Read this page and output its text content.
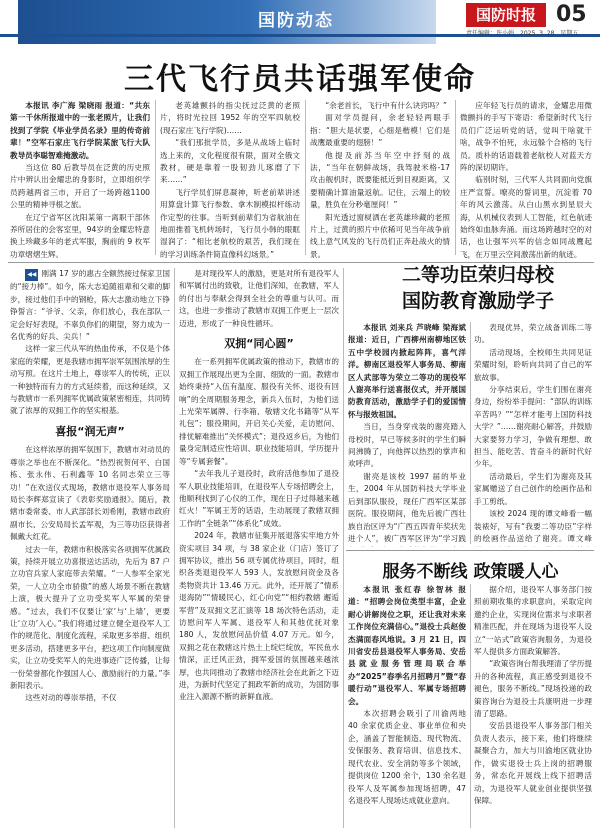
国防动态	国防时报 05
责任编辑：许小娟　2025. 3. 28　星期五
三代飞行员共话强军使命

本报讯 李广海 梁晓雨 报道：“共东第一千休所报道中的一张老照片，让我们找到了学院《毕业学员名录》里的传奇前辈！”空军石家庄飞行学院某旅飞行大队教导员李聪智难掩激动。

当这位 80 后教导员在泛黄的历史照片中辨认出金耀忠的身影时，立即组织学员跨越两省三市，开启了一场跨越1100公里的精神寻根之旅。

在辽宁省军区沈阳某第一离职干部休养所居住的会客室里，94岁的金耀忠特意换上珍藏多年的老式军服，胸前的 9 枚军功章熠熠生辉。

老英雄颤抖的指尖抚过泛黄的老照片，将时光拉回 1952 年的空军四航校(现石家庄飞行学院)……

“我们那批学员，多是从战场上临时选上来的，文化程度很有限，面对全俄文教材，硬是靠着一股韧劲儿琢磨了下来……”

飞行学员们屏息凝神，听老前辈讲述用算盘计算飞行参数、拿木制模拟杆练动作定型的往事。当听到前辈们为省航油在地面推着飞机转场时，飞行员小韩的眼眶湿润了：“相比老航校的艰苦，我们现在的学习训练条件简直像科幻场景。”

“余老首长，飞行中有什么诀窍吗？”

面对学员提问，余老轻轻两眼手指：“胆大是状要，心细是楷模！它们是战鹰最重要的翅膀！”

他提及前苏当年空中抒刻的战法，“当年在朝鲜战场，我驾驶米格-17 攻击舰机时，既要能抵近到目视距离，又要精确计算油量返航。记住，云端上的较量，胜负在分秒毫厘间！”

阳光透过窗棂洒在老英雄珍藏的老照片上，过黄的照片中依稀可见当年战争前线上意气风发的飞行员们正奔赴战火的情景。

应年轻飞行员的请求，金耀忠用微微颤抖的手写下寄语：希望新时代飞行员们广泛运听党的话，觉叫干啥就干啥，战争不怕死，永远躲个合格的飞行员。质朴的话语载着老航校人对蓝天方阵的深切期许。

临别时刻，三代军人共同面向党旗庄严宣誓。嘹亮的誓词里，沉淀着 70 年的风云激荡。从白山黑水到星辰大海，从机械仪表到人工智能，红色航迹始终如血脉奔涌。而这场跨越时空的对话，也让强军兴军的信念如同战鹰起飞，在万里云空间激荡出新的航迹。

◀◀ 刚满 17 岁的惠古全额然接过保家卫国的“接力棒”。如今，陈大志追随祖辈和父辈的脚步，接过他们手中的钢枪，陈大志激动地立下铮铮誓言：“爷爷、父亲，你们放心，我在部队一定会好好表现，不辜负你们的期望，努力成为一名优秀的好兵、尖兵！”

这样一家三代从军的热血传承，不仅是个体家庭的荣耀，更是我辖市拥军崇军氛围浓厚的生动写照。在这片土地上，尊崇军人的传统，正以一种独特而有力的方式延续着，而这种延续，又与教辖市一系列拥军优属政策紧密相连，共同铸就了浓厚的双拥工作的坚实根基。

喜报“润无声”

在这样浓厚的拥军氛围下，教辖市对动员的尊崇之举也在不断深化。“热烈祝贺何平、白国栋、张永伟、石利鑫等 10 名同志荣立三等功！”在欢送仪式现场，教辖市退役军人事务局局长李辉郑宣读了《表彰奖励通报》。随后，教辖市委常委、市人武部部长刘希刚，教辖市政府副市长、公安局局长孟军观，为三等功臣获得者佩戴大红花。

过去一年，教辖市积极落实各项拥军优属政策，持续开展立功喜报送达活动，先后为 87 户立功官兵家人家庭带去荣耀。“一人参军全家光荣，一人立功全市骄傲”的感人场景不断在教辖上演，极大提升了立功受奖军人军属的荣誉感。“过去，我们不仅要让‘家’与‘上墙’，更要让‘立功’入心。”我们将通过建立健全退役军人工作的规范化、制度化流程，采取更多举措、组织更多活动，搭建更多平台，把这项工作向制度做实，让立功受奖军人的先进事迹广泛传播，让每一份荣誉都化作强国人心、激励前行的力量。”李新阳表示。

这些对动的尊崇举措，不仅

是对现役军人的激励，更是对所有退役军人和军属付出的致敬，让他们深知，在教辖，军人的付出与奉献会得到全社会的尊重与认可。而这，也进一步推动了教辖市双拥工作更上一层次迈进，形成了一种良性循环。

双拥“同心圆”

在一系列拥军优属政策的推动下，教辖市的双拥工作展现出更为全面、细致的一面。教辖市始终秉持“入伍有温度、服役有关怀、退役有回响”的全周期服务理念，新兵入伍时，为他们送上光荣军属牌、行李箱、敬辖文化书籍等“从军礼包”；服役期间，开启关心关爱，走访慰问、排忧解难推出“关怀模式”；退役返乡后，为他们量身定制适应性培训、职业技能培训，学历提升等“专属套餐”。

“去年我儿子退役时，政府活他参加了退役军人职业技能培训，在退役军人专场招聘会上，他顺利找到了心仪的工作，现在日子过得越来越红火！”军属王芳的话语，生动展现了教辖双拥工作的“全链条”“体系化”成效。

2024 年，教辖市征集开展退落实牢地方外资实项目 34 项，与 38 家企业（门店）签订了拥军协议，推出 56 项专属优待项目，同时，组织各类退退役军人 593 人，发放慰问资金及各类物资共计 13.46 万元。此外，还开展了“情系退海防”“情暖民心，红心向党”“相约教辖 邂逅军营”及双拥文艺汇演等 18 场次特色活动，走访慰问军人军属、退役军人和其他优抚对象 180 人，发放慰问品价值 4.07 万元。如今，双拥之花在教辖这片热土上绽烂绽放，军民鱼水情深，正迁风正劲，拥军爱国的氛围越来越浓厚，也共同推动了教辖市经济社会在此新之下迈进，为新时代坚定了拥政军新的成功，为国防事业注入源源不断的新鲜血液。

二等功臣荣归母校
国防教育激励学子

本报讯 刘来兵 芦晓峰 梁海斌 报道：近日，广西柳州南柳地区铁五中学校园内掀起阵阵，喜气洋洋。柳南区退役军人事务局、柳南区人武部等为荣立二等功的现役军人谢亮举行送喜报仪式，并开展国防教育活动，激励学子们的爱国情怀与报效祖国。

当日，当身穿戎装的谢亮踏入母校时，早已等候多时的学生们瞬间沸腾了，向他挥以热烈的掌声和欢呼声。

谢亮是该校 1997 届的毕业生，2004 年从国防科技大学毕业后到部队服役，现任广西军区某部医院。服役期间，他先后被广西壮族自治区评为“广西五四青年奖状先进个人”，被广西军区评为“学习践

表现优异，荣立战备训练二等功。

活动现场，全校师生共同见证荣耀时刻，聆听向共同了自己的军旅故事。

分享结束后，学生们围在谢亮身边，纷纷举手提问：“部队的训练辛苦吗？”“怎样才能考上国防科技大学？”……谢亮耐心解答，并鼓励大家要努力学习，争做有理想、敢担当、能吃苦、肯奋斗的新时代好少年。

活动最后，学生们为谢亮及其家属赠送了自己创作的绘画作品和手工剪纸。

该校 2024 现的谭文峰看一幅装裱好，写有“我要二等功臣”字样的绘画作品送给了谢亮。谭文峰

服务不断线 政策暖人心

本报讯 张红春 徐智林 报道：“招聘会岗位类型丰富，企业耐心讲解岗位之职，还让我对未来工作岗位充满信心。”退役士兵赵俊杰满面春风地说。3 月 21 日，四川省安岳县退役军人事务局、安岳县就业服务管理局联合举办“2025”春季名月招聘月”暨“春暖行动”退役军人、军属专场招聘会。

本次招聘会吸引了川渝两地 40 余家优质企业、事业单位和央企，涵盖了智能制造、现代物流、安保服务、教育培训、信息技术、现代农业、安全消防等多个领域，提供岗位 1200 余个，130 余名退役军人及军属参加现场招聘，47 名退役军人现场达成就业意向。

据介绍，退役军人事务部门按照前期收集的求职意向，采取定向邀约企业，实现岗位需求与求职者精准匹配，并在现场为退役军人设立“一站式”政策咨询服务，为退役军人提供多方面政策解答。

“政策咨询台帮我理清了学历提升的各种流程，真正感受到退役不褪色，服务不断线。”现场投递的政策咨询台为退役士兵康明进一步理清了思路。

安岳县退役军人事务部门相关负责人表示，接下来，他们将继续凝聚合力，加大与川渝地区就业协作，做实退役士兵上岗的招聘服务，常态化开展线上线下招聘活动，为退役军人就业创业提供坚强保障。
